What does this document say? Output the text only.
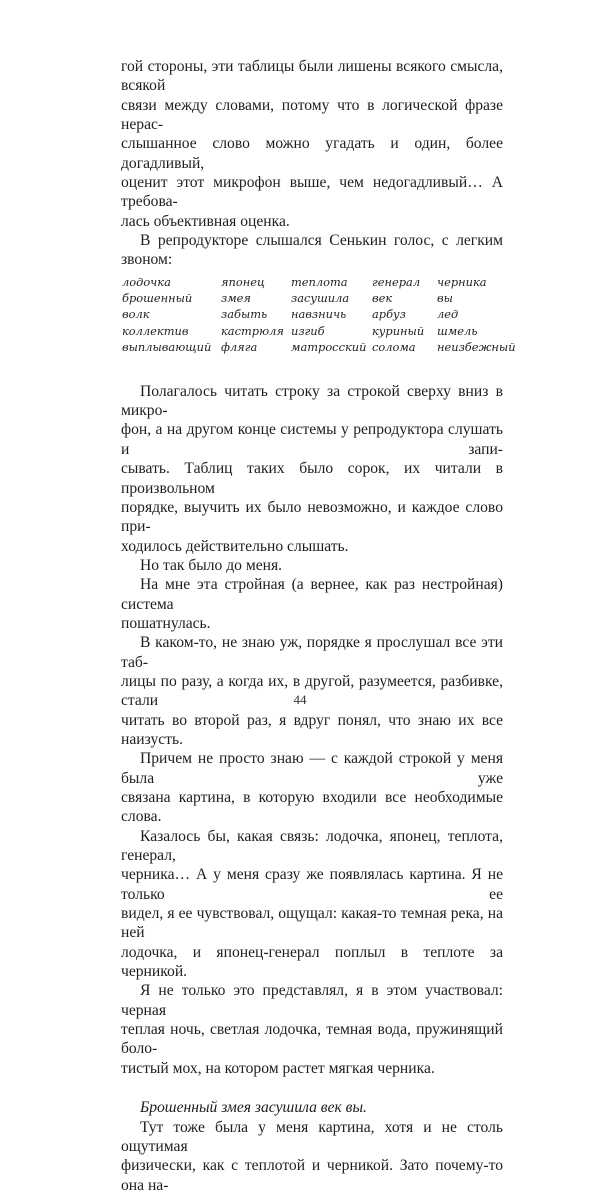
гой стороны, эти таблицы были лишены всякого смысла, всякой

связи между словами, потому что в логической фразе нерас-

слышанное слово можно угадать и один, более догадливый,

оценит этот микрофон выше, чем недогадливый… А требова-

лась объективная оценка.

В репродукторе слышался Сенькин голос, с легким звоном:

лодочка	японец теплота генерал черника
брошенный	змея	засушила век	вы
волк	забыть навзничь арбуз	лед
коллектив	кастрюля изгиб	куриный шмель
выплывающий фляга	матросский солома неизбежный

Полагалось читать строку за строкой сверху вниз в микро-

фон, а на другом конце системы у репродуктора слушать и запи-

сывать. Таблиц таких было сорок, их читали в произвольном

порядке, выучить их было невозможно, и каждое слово при-

ходилось действительно слышать.

Но так было до меня.

На мне эта стройная (а вернее, как раз нестройная) система

пошатнулась.

В каком-то, не знаю уж, порядке я прослушал все эти таб-

лицы по разу, а когда их, в другой, разумеется, разбивке, стали

читать во второй раз, я вдруг понял, что знаю их все наизусть.

Причем не просто знаю — с каждой строкой у меня была уже

связана картина, в которую входили все необходимые слова.

Казалось бы, какая связь: лодочка, японец, теплота, генерал,

черника… А у меня сразу же появлялась картина. Я не только ее

видел, я ее чувствовал, ощущал: какая-то темная река, на ней

лодочка, и японец-генерал поплыл в теплоте за черникой.

Я не только это представлял, я в этом участвовал: черная

теплая ночь, светлая лодочка, темная вода, пружинящий боло-

тистый мох, на котором растет мягкая черника.

Брошенный змея засушила век вы.

Тут тоже была у меня картина, хотя и не столь ощутимая

физически, как с теплотой и черникой. Зато почему-то она на-

44
